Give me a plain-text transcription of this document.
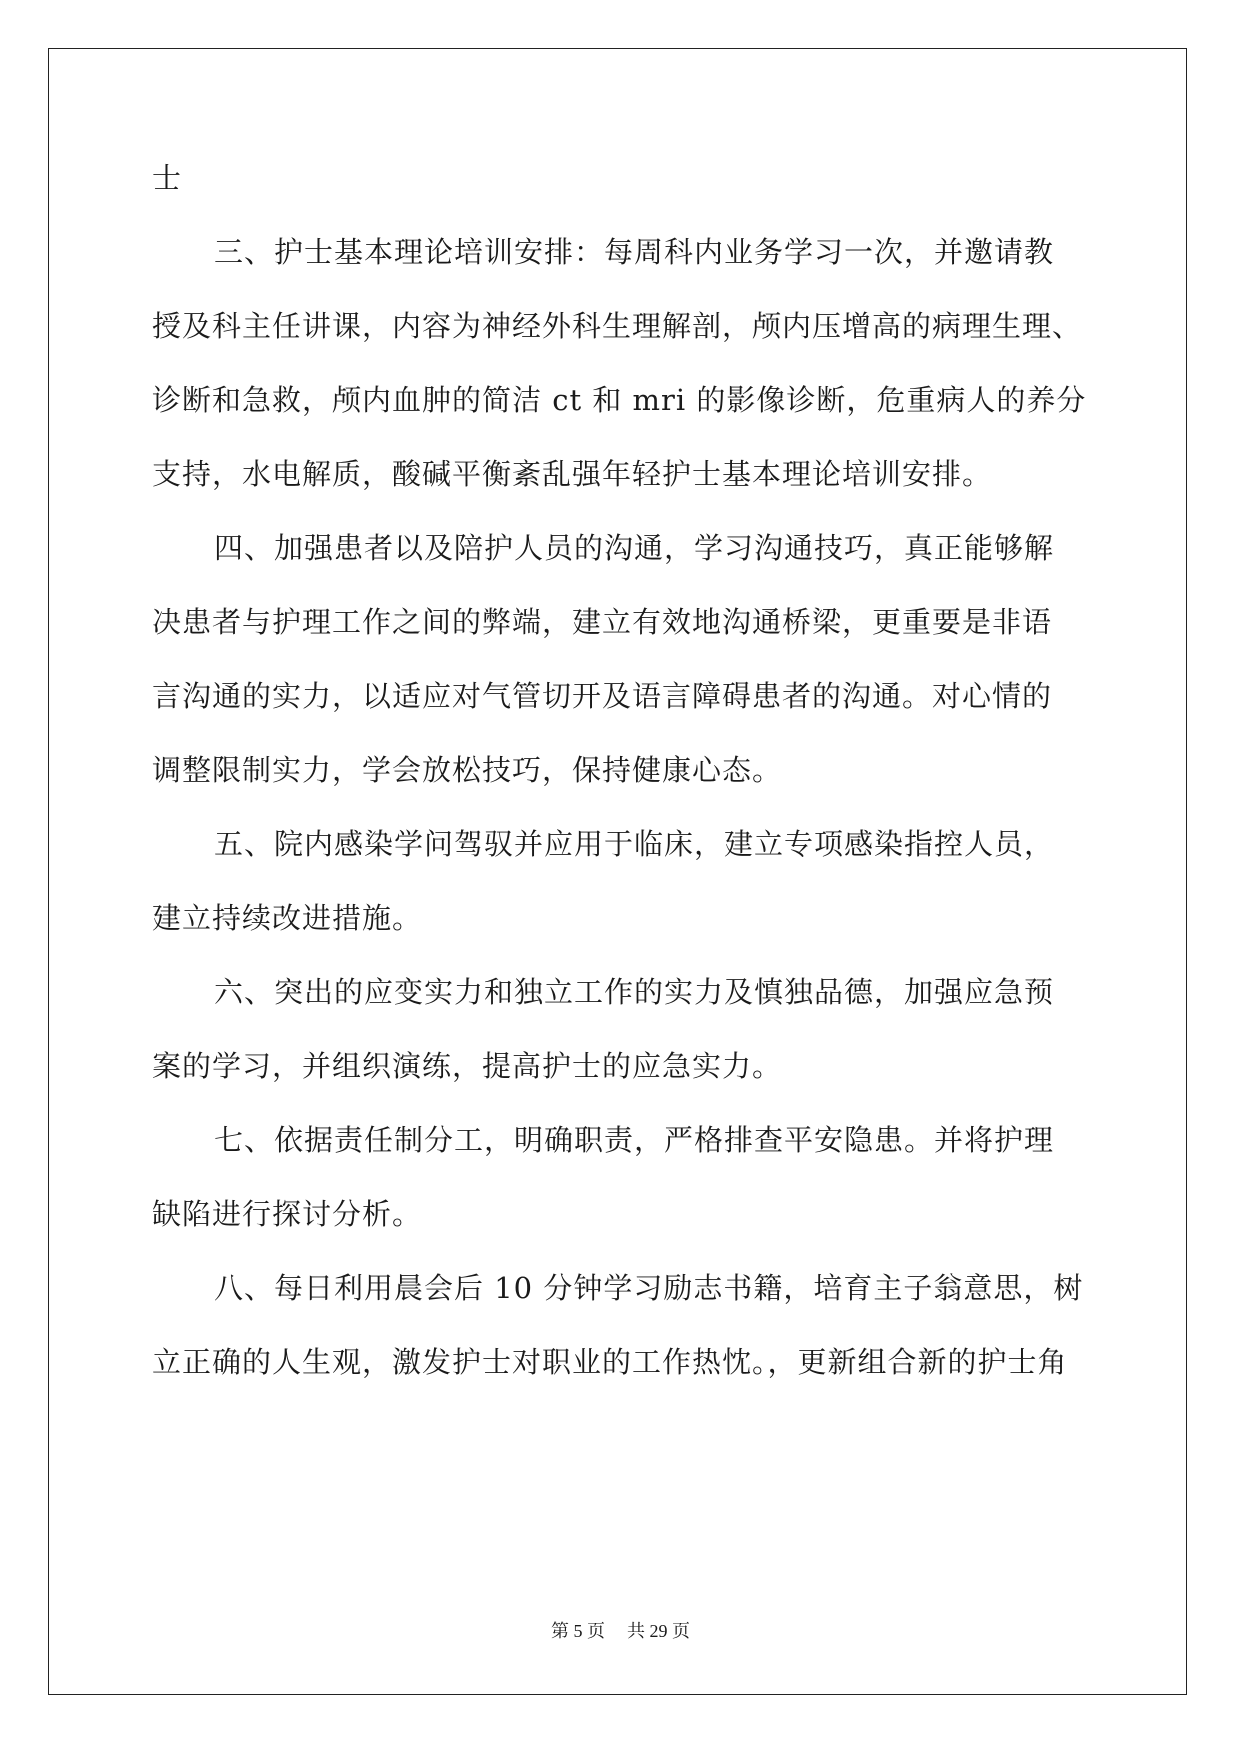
士
三、护士基本理论培训安排：每周科内业务学习一次，并邀请教
授及科主任讲课，内容为神经外科生理解剖，颅内压增高的病理生理、
诊断和急救，颅内血肿的简洁 ct 和 mri 的影像诊断，危重病人的养分
支持，水电解质，酸碱平衡紊乱强年轻护士基本理论培训安排。
四、加强患者以及陪护人员的沟通，学习沟通技巧，真正能够解
决患者与护理工作之间的弊端，建立有效地沟通桥梁，更重要是非语
言沟通的实力，以适应对气管切开及语言障碍患者的沟通。对心情的
调整限制实力，学会放松技巧，保持健康心态。
五、院内感染学问驾驭并应用于临床，建立专项感染指控人员，
建立持续改进措施。
六、突出的应变实力和独立工作的实力及慎独品德，加强应急预
案的学习，并组织演练，提高护士的应急实力。
七、依据责任制分工，明确职责，严格排查平安隐患。并将护理
缺陷进行探讨分析。
八、每日利用晨会后 10 分钟学习励志书籍，培育主子翁意思，树
立正确的人生观，激发护士对职业的工作热忱。，更新组合新的护士角
第 5 页 共 29 页
